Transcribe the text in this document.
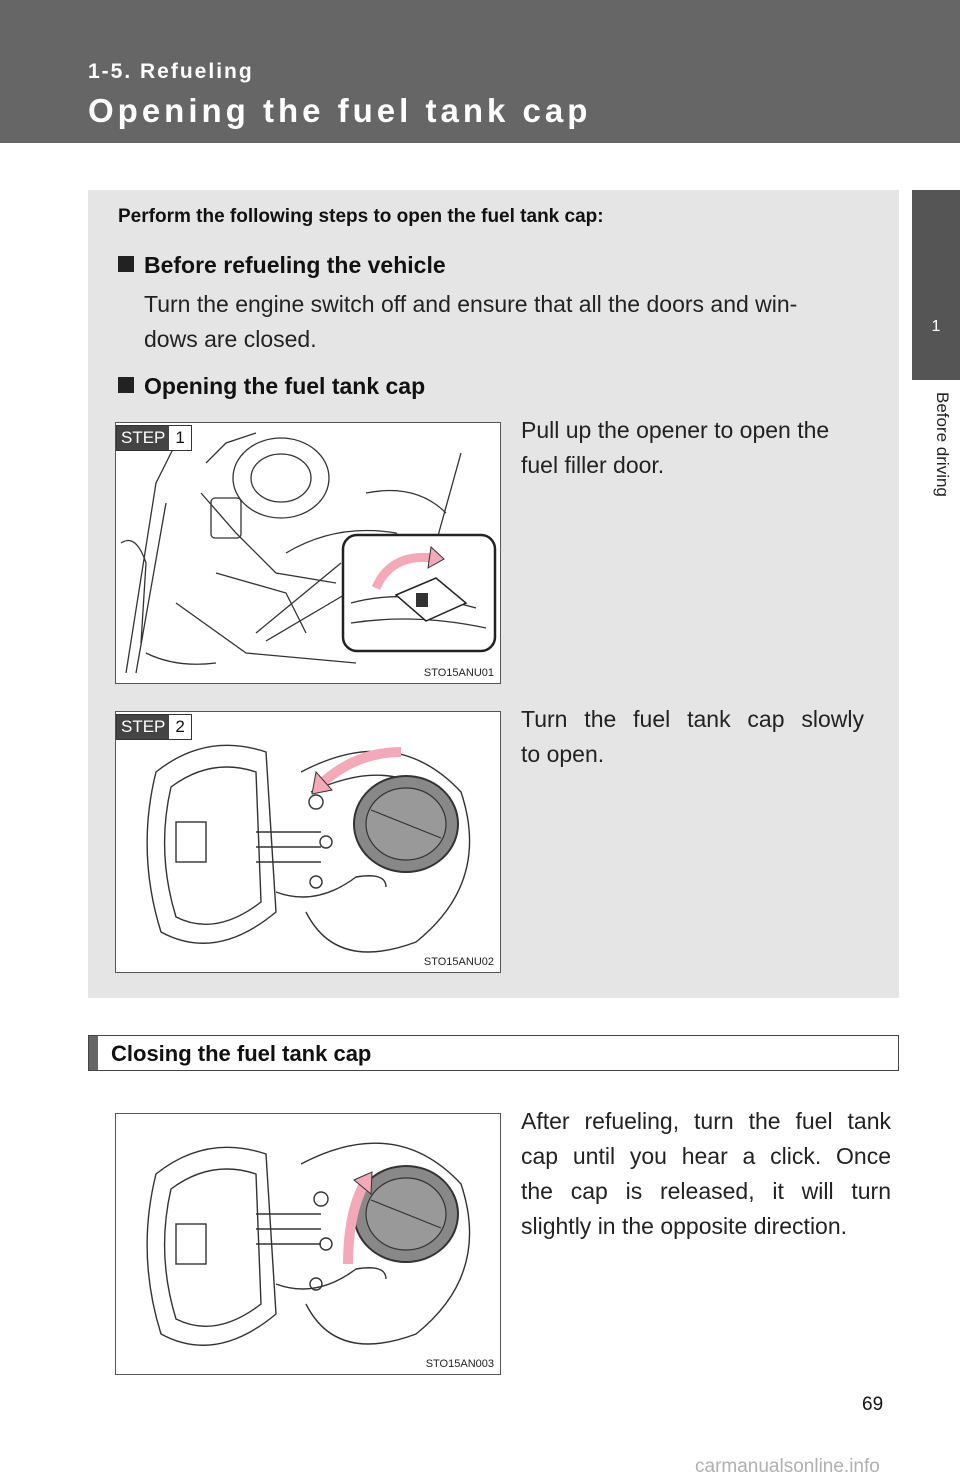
1-5. Refueling
Opening the fuel tank cap
1
Before driving
Perform the following steps to open the fuel tank cap:
Before refueling the vehicle
Turn the engine switch off and ensure that all the doors and win-
dows are closed.
Opening the fuel tank cap
STEP 1
STO15ANU01
Pull up the opener to open the
fuel filler door.
STEP 2
STO15ANU02
Turn the fuel tank cap slowly
to open.
Closing the fuel tank cap
STO15AN003
After refueling, turn the fuel tank
cap until you hear a click. Once
the cap is released, it will turn
slightly in the opposite direction.
69
carmanualsonline.info
